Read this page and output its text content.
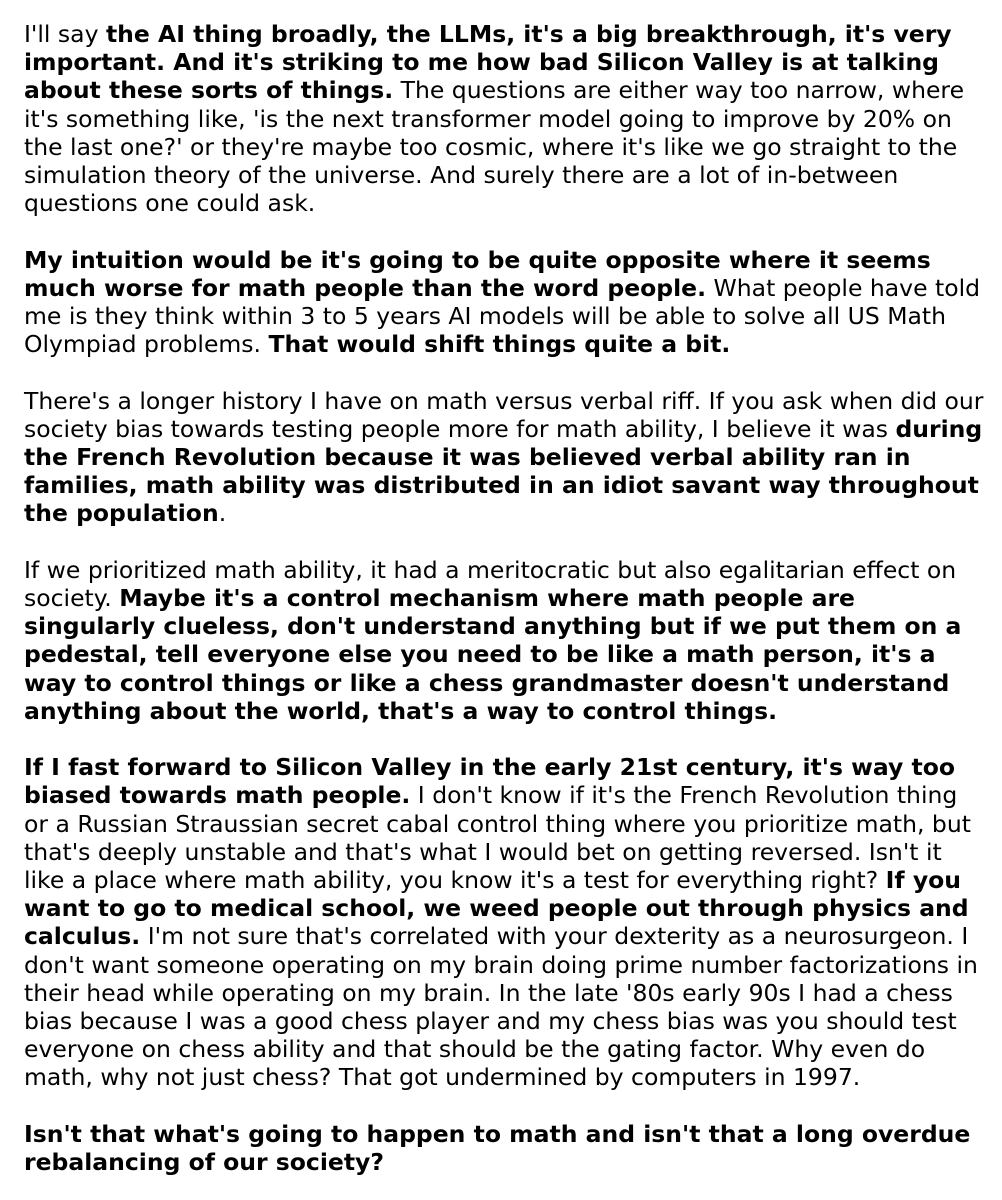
I'll say the AI thing broadly, the LLMs, it's a big breakthrough, it's very important. And it's striking to me how bad Silicon Valley is at talking about these sorts of things. The questions are either way too narrow, where it's something like, 'is the next transformer model going to improve by 20% on the last one?' or they're maybe too cosmic, where it's like we go straight to the simulation theory of the universe. And surely there are a lot of in-between questions one could ask.

My intuition would be it's going to be quite opposite where it seems much worse for math people than the word people. What people have told me is they think within 3 to 5 years AI models will be able to solve all US Math Olympiad problems. That would shift things quite a bit.

There's a longer history I have on math versus verbal riff. If you ask when did our society bias towards testing people more for math ability, I believe it was during the French Revolution because it was believed verbal ability ran in families, math ability was distributed in an idiot savant way throughout the population.

If we prioritized math ability, it had a meritocratic but also egalitarian effect on society. Maybe it's a control mechanism where math people are singularly clueless, don't understand anything but if we put them on a pedestal, tell everyone else you need to be like a math person, it's a way to control things or like a chess grandmaster doesn't understand anything about the world, that's a way to control things.

If I fast forward to Silicon Valley in the early 21st century, it's way too biased towards math people. I don't know if it's the French Revolution thing or a Russian Straussian secret cabal control thing where you prioritize math, but that's deeply unstable and that's what I would bet on getting reversed. Isn't it like a place where math ability, you know it's a test for everything right? If you want to go to medical school, we weed people out through physics and calculus. I'm not sure that's correlated with your dexterity as a neurosurgeon. I don't want someone operating on my brain doing prime number factorizations in their head while operating on my brain. In the late '80s early 90s I had a chess bias because I was a good chess player and my chess bias was you should test everyone on chess ability and that should be the gating factor. Why even do math, why not just chess? That got undermined by computers in 1997.

Isn't that what's going to happen to math and isn't that a long overdue rebalancing of our society?
